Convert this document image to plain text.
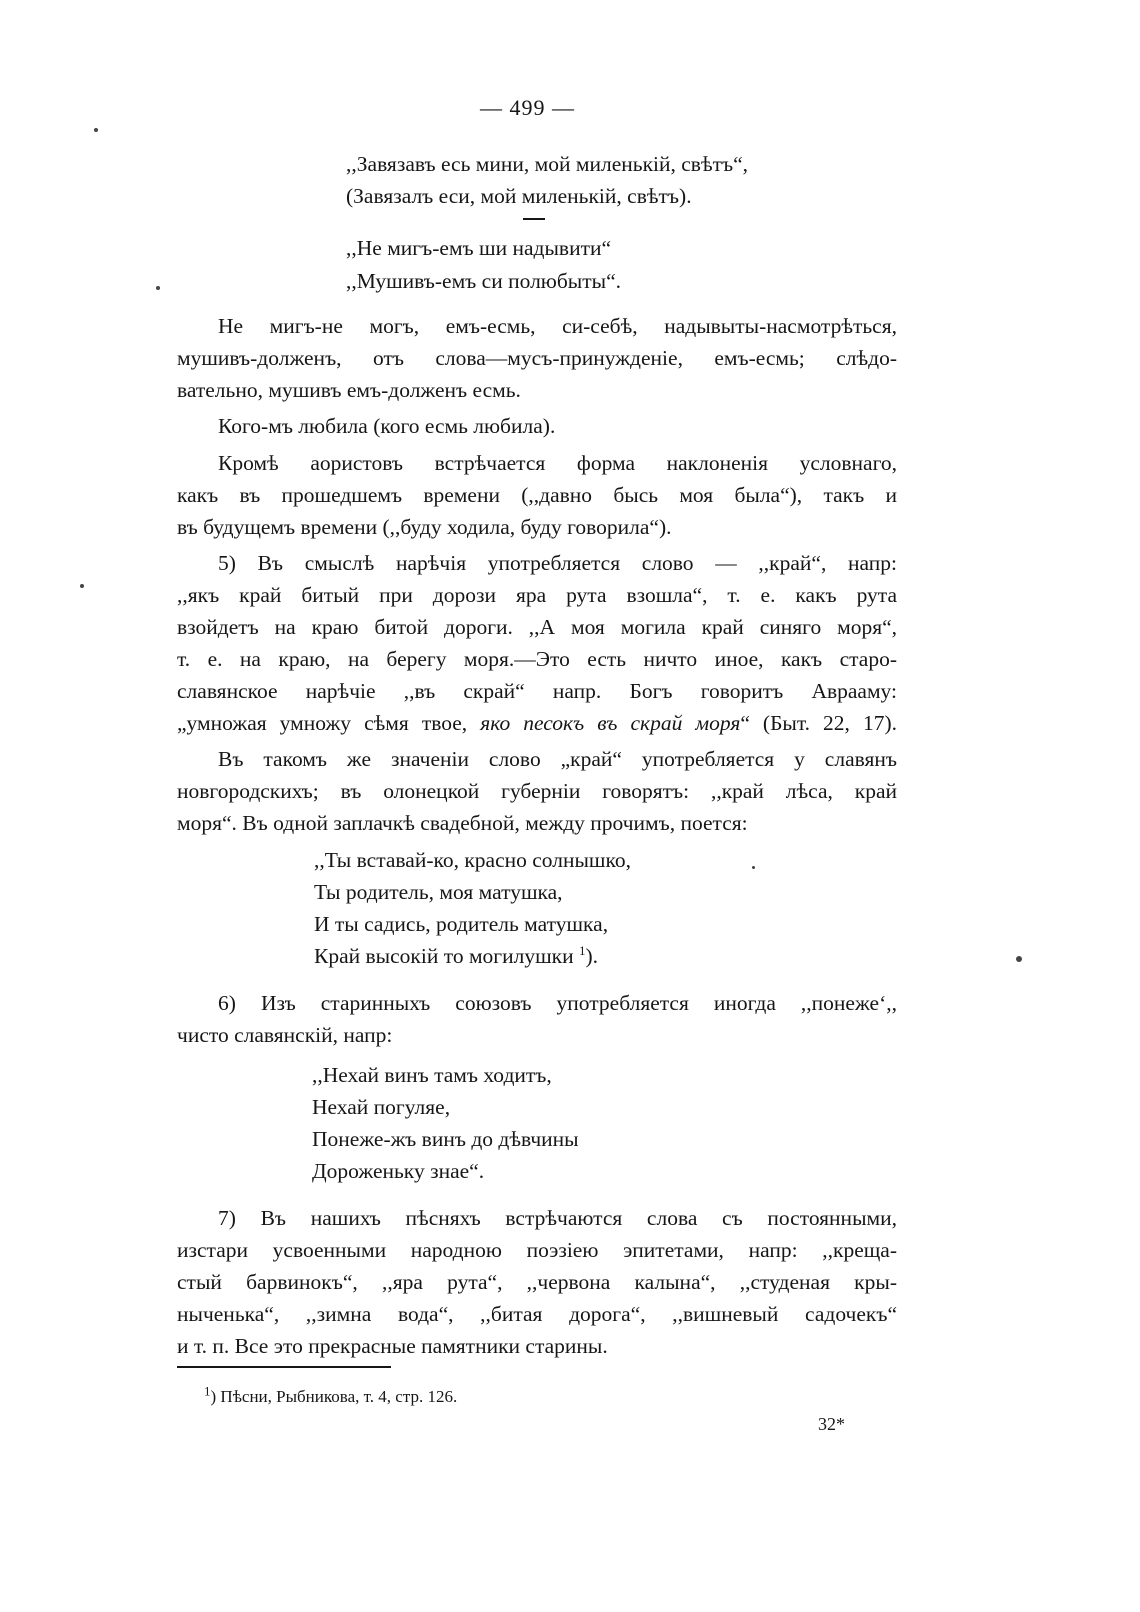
— 499 —
,,Завязавъ есь мини, мой миленькій, свѣтъ“,
(Завязалъ еси, мой миленькій, свѣтъ).
,,Не мигъ-емъ ши надывити“
,,Мушивъ-емъ си полюбыты“.
Не мигъ-не могъ, емъ-есмь, си-себѣ, надывыты-насмотрѣться,
мушивъ-долженъ, отъ слова—мусъ-принужденіе, емъ-есмь; слѣдо-
вательно, мушивъ емъ-долженъ есмь.
Кого-мъ любила (кого есмь любила).
Кромѣ аористовъ встрѣчается форма наклоненія условнаго,
какъ въ прошедшемъ времени (,,давно бысь моя была“), такъ и
въ будущемъ времени (,,буду ходила, буду говорила“).
5) Въ смыслѣ нарѣчія употребляется слово — ,,край“, напр:
,,якъ край битый при дорози яра рута взошла“, т. е. какъ рута
взойдетъ на краю битой дороги. ,,А моя могила край синяго моря“,
т. е. на краю, на берегу моря.—Это есть ничто иное, какъ старо-
славянское нарѣчіе ,,въ скрай“ напр. Богъ говоритъ Аврааму:
„умножая умножу сѣмя твое, яко песокъ въ скрай моря“ (Быт. 22, 17).
Въ такомъ же значеніи слово „край“ употребляется у славянъ
новгородскихъ; въ олонецкой губерніи говорятъ: ,,край лѣса, край
моря“. Въ одной заплачкѣ свадебной, между прочимъ, поется:
,,Ты вставай-ко, красно солнышко,
Ты родитель, моя матушка,
И ты садись, родитель матушка,
Край высокій то могилушки $^1$).
6) Изъ старинныхъ союзовъ употребляется иногда ,,понеже‘,,
чисто славянскій, напр:
,,Нехай винъ тамъ ходитъ,
Нехай погуляе,
Понеже-жъ винъ до дѣвчины
Дороженьку знае“.
7) Въ нашихъ пѣсняхъ встрѣчаются слова съ постоянными,
изстари усвоенными народною поэзіею эпитетами, напр: ,,креща-
стый барвинокъ“, ,,яра рута“, ,,червона калына“, ,,студеная кры-
ныченька“, ,,зимна вода“, ,,битая дорога“, ,,вишневый садочекъ“
и т. п. Все это прекрасные памятники старины.
$^1$) Пѣсни, Рыбникова, т. 4, стр. 126.
32*
